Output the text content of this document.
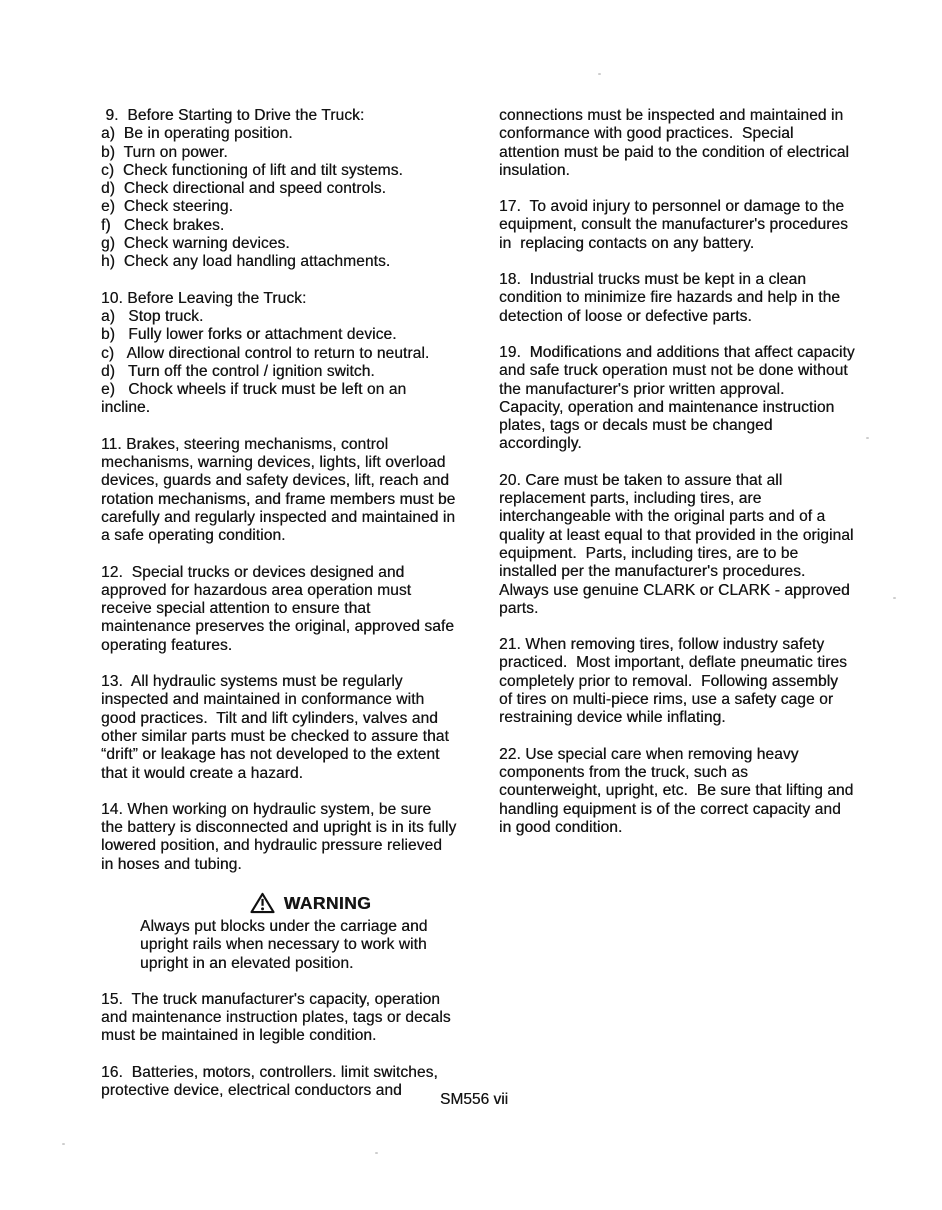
9.  Before Starting to Drive the Truck:
a)  Be in operating position.
b)  Turn on power.
c)  Check functioning of lift and tilt systems.
d)  Check directional and speed controls.
e)  Check steering.
f)   Check brakes.
g)  Check warning devices.
h)  Check any load handling attachments.
10. Before Leaving the Truck:
a)   Stop truck.
b)   Fully lower forks or attachment device.
c)   Allow directional control to return to neutral.
d)   Turn off the control / ignition switch.
e)   Chock wheels if truck must be left on an
incline.
11. Brakes, steering mechanisms, control
mechanisms, warning devices, lights, lift overload
devices, guards and safety devices, lift, reach and
rotation mechanisms, and frame members must be
carefully and regularly inspected and maintained in
a safe operating condition.
12.  Special trucks or devices designed and
approved for hazardous area operation must
receive special attention to ensure that
maintenance preserves the original, approved safe
operating features.
13.  All hydraulic systems must be regularly
inspected and maintained in conformance with
good practices.  Tilt and lift cylinders, valves and
other similar parts must be checked to assure that
“drift” or leakage has not developed to the extent
that it would create a hazard.
14. When working on hydraulic system, be sure
the battery is disconnected and upright is in its fully
lowered position, and hydraulic pressure relieved
in hoses and tubing.
WARNING
Always put blocks under the carriage and
upright rails when necessary to work with
upright in an elevated position.
15.  The truck manufacturer's capacity, operation
and maintenance instruction plates, tags or decals
must be maintained in legible condition.
16.  Batteries, motors, controllers. limit switches,
protective device, electrical conductors and
connections must be inspected and maintained in
conformance with good practices.  Special
attention must be paid to the condition of electrical
insulation.
17.  To avoid injury to personnel or damage to the
equipment, consult the manufacturer's procedures
in  replacing contacts on any battery.
18.  Industrial trucks must be kept in a clean
condition to minimize fire hazards and help in the
detection of loose or defective parts.
19.  Modifications and additions that affect capacity
and safe truck operation must not be done without
the manufacturer's prior written approval.
Capacity, operation and maintenance instruction
plates, tags or decals must be changed
accordingly.
20. Care must be taken to assure that all
replacement parts, including tires, are
interchangeable with the original parts and of a
quality at least equal to that provided in the original
equipment.  Parts, including tires, are to be
installed per the manufacturer's procedures.
Always use genuine CLARK or CLARK - approved
parts.
21. When removing tires, follow industry safety
practiced.  Most important, deflate pneumatic tires
completely prior to removal.  Following assembly
of tires on multi-piece rims, use a safety cage or
restraining device while inflating.
22. Use special care when removing heavy
components from the truck, such as
counterweight, upright, etc.  Be sure that lifting and
handling equipment is of the correct capacity and
in good condition.
SM556 vii
